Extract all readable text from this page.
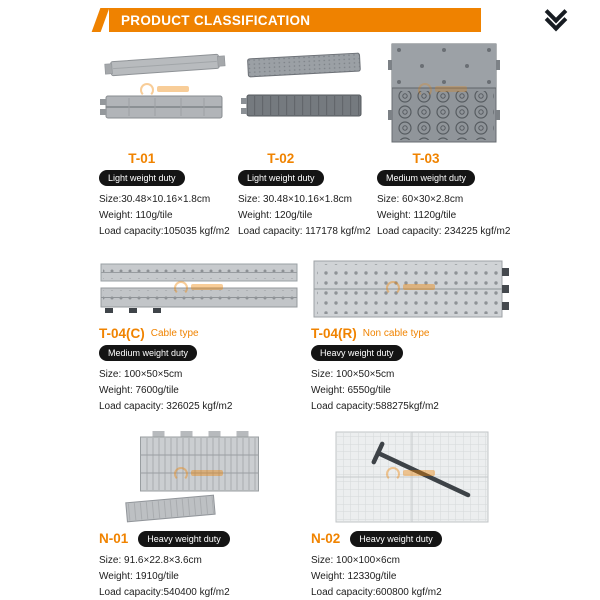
PRODUCT CLASSIFICATION
T-01
Light weight duty
Size:30.48×10.16×1.8cm
Weight: 110g/tile
Load capacity:105035 kgf/m2
T-02
Light weight duty
Size: 30.48×10.16×1.8cm
Weight: 120g/tile
Load capacity: 117178 kgf/m2
T-03
Medium weight duty
Size: 60×30×2.8cm
Weight: 1120g/tile
Load capacity: 234225 kgf/m2
T-04(C) Cable type
Medium weight duty
Size: 100×50×5cm
Weight: 7600g/tile
Load capacity: 326025 kgf/m2
T-04(R) Non cable type
Heavy weight duty
Size: 100×50×5cm
Weight: 6550g/tile
Load capacity:588275kgf/m2
N-01	Heavy weight duty
Size: 91.6×22.8×3.6cm
Weight: 1910g/tile
Load capacity:540400 kgf/m2
N-02	Heavy weight duty
Size: 100×100×6cm
Weight: 12330g/tile
Load capacity:600800 kgf/m2
